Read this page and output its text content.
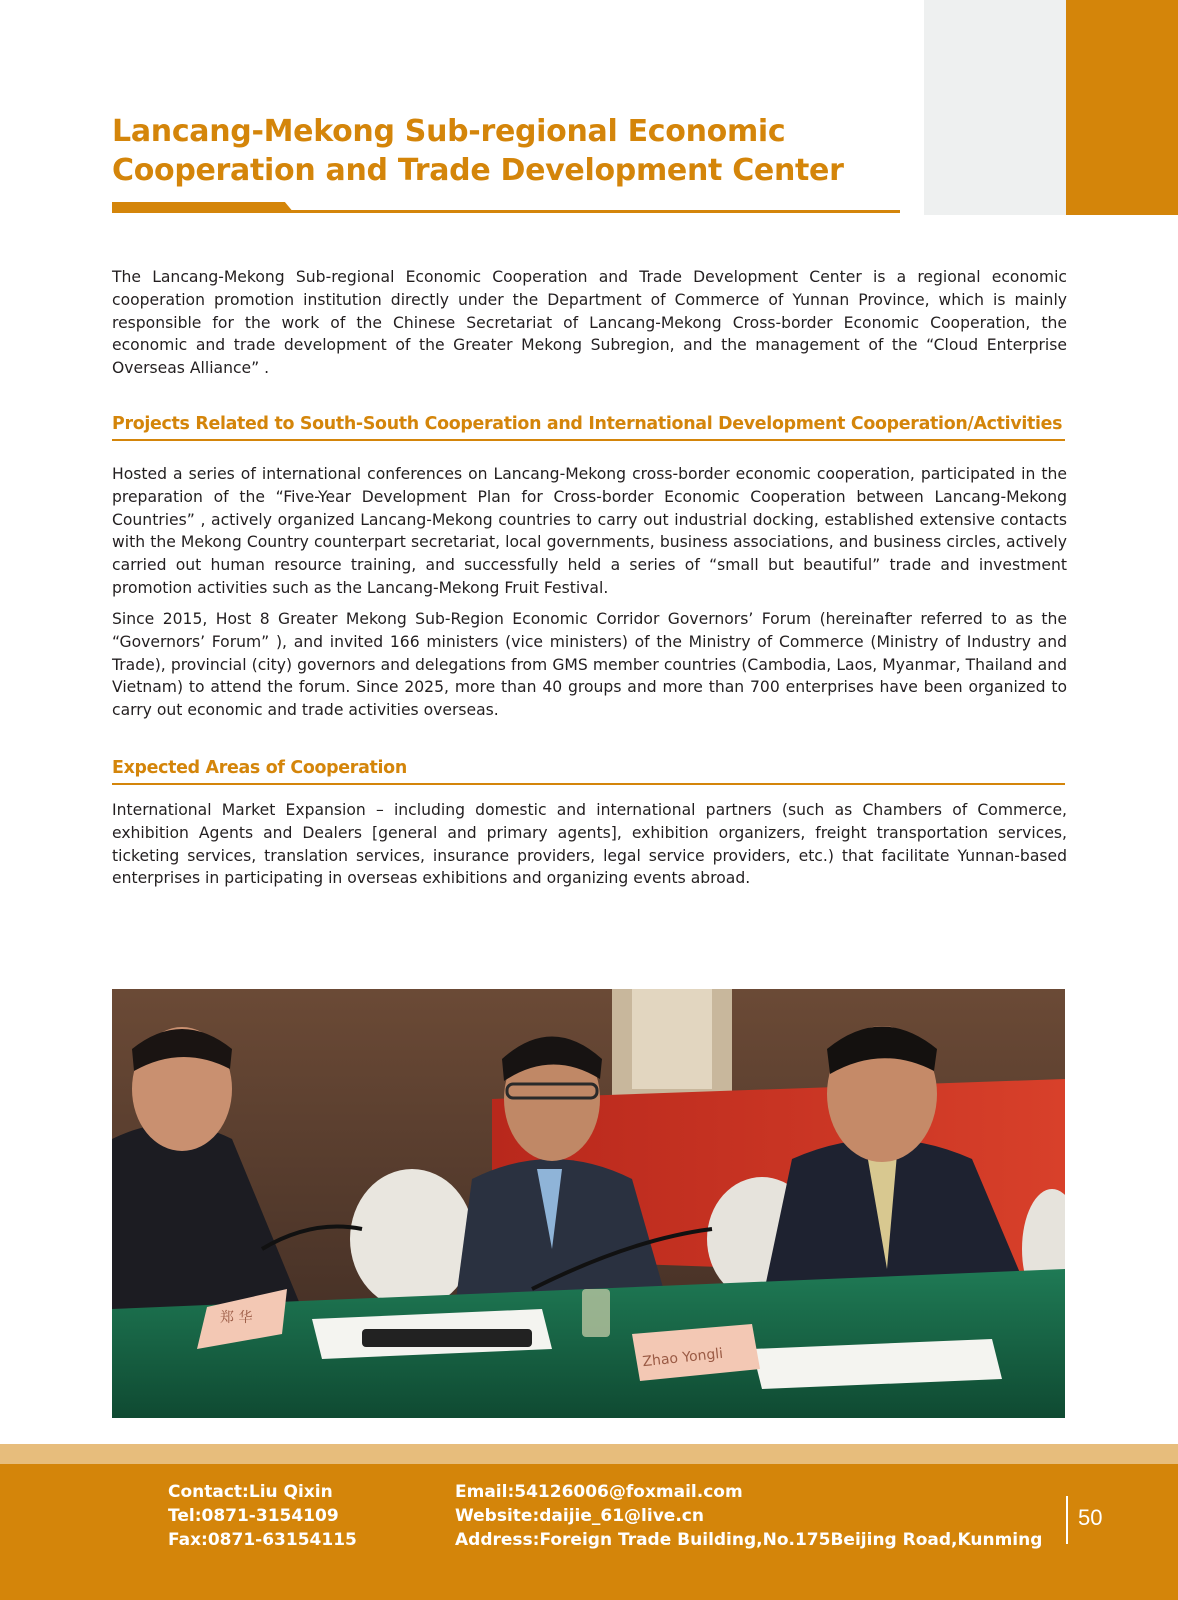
Lancang-Mekong Sub-regional Economic
Cooperation and Trade Development Center

The Lancang-Mekong Sub-regional Economic Cooperation and Trade Development Center is a regional economic cooperation promotion institution directly under the Department of Commerce of Yunnan Province, which is mainly responsible for the work of the Chinese Secretariat of Lancang-Mekong Cross-border Economic Cooperation, the economic and trade development of the Greater Mekong Subregion, and the management of the “Cloud Enterprise Overseas Alliance” .

Projects Related to South-South Cooperation and International Development Cooperation/Activities

Hosted a series of international conferences on Lancang-Mekong cross-border economic cooperation, participated in the preparation of the “Five-Year Development Plan for Cross-border Economic Cooperation between Lancang-Mekong Countries” , actively organized Lancang-Mekong countries to carry out industrial docking, established extensive contacts with the Mekong Country counterpart secretariat, local governments, business associations, and business circles, actively carried out human resource training, and successfully held a series of “small but beautiful” trade and investment promotion activities such as the Lancang-Mekong Fruit Festival.

Since 2015, Host 8 Greater Mekong Sub-Region Economic Corridor Governors’ Forum (hereinafter referred to as the “Governors’ Forum” ), and invited 166 ministers (vice ministers) of the Ministry of Commerce (Ministry of Industry and Trade), provincial (city) governors and delegations from GMS member countries (Cambodia, Laos, Myanmar, Thailand and Vietnam) to attend the forum. Since 2025, more than 40 groups and more than 700 enterprises have been organized to carry out economic and trade activities overseas.

Expected Areas of Cooperation

International Market Expansion – including domestic and international partners (such as Chambers of Commerce, exhibition Agents and Dealers [general and primary agents], exhibition organizers, freight transportation services, ticketing services, translation services, insurance providers, legal service providers, etc.) that facilitate Yunnan-based enterprises in participating in overseas exhibitions and organizing events abroad.

郑 华
Zhao Yongli
Contact:Liu Qixin
Tel:0871-3154109
Fax:0871-63154115
Email:54126006@foxmail.com
Website:daijie_61@live.cn
Address:Foreign Trade Building,No.175Beijing Road,Kunming
50
